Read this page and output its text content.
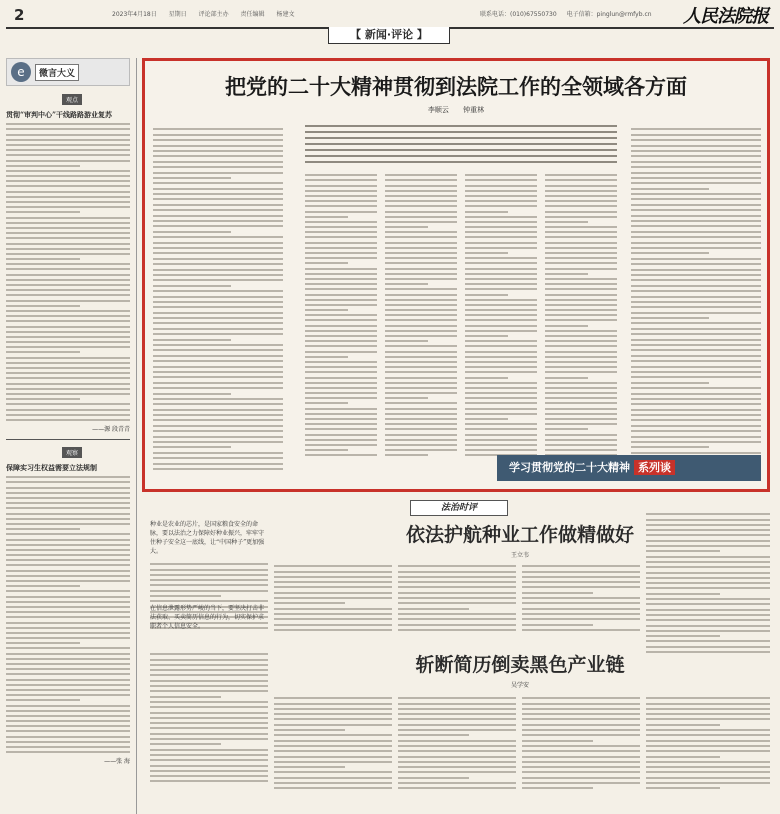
2	2023年4月18日 星期日 评论部主办 责任编辑 杨建文	联系电话：(010)67550730 电子信箱：pinglun@rmfyb.cn	人民法院报
【 新闻·评论 】
e	微言大义
观点
贯彻“审判中心”干线路路游业复苏
——源 段青青
观察
保障实习生权益需要立法规制
——张 海
把党的二十大精神贯彻到法院工作的全领域各方面
李顺云 钟重林
学习贯彻党的二十大精神 系列谈
法治时评
种业是农业的芯片，是国家粮食安全的命脉，要以法治之力保障好种业振兴，牢牢守住种子安全这一底线，让“中国种子”更加强大。
依法护航种业工作做精做好
王立韦
在信息泄露形势严峻的当下，要坚决打击非法获取、买卖简历信息的行为，切实保护求职者个人信息安全。
斩断简历倒卖黑色产业链
吴学安
